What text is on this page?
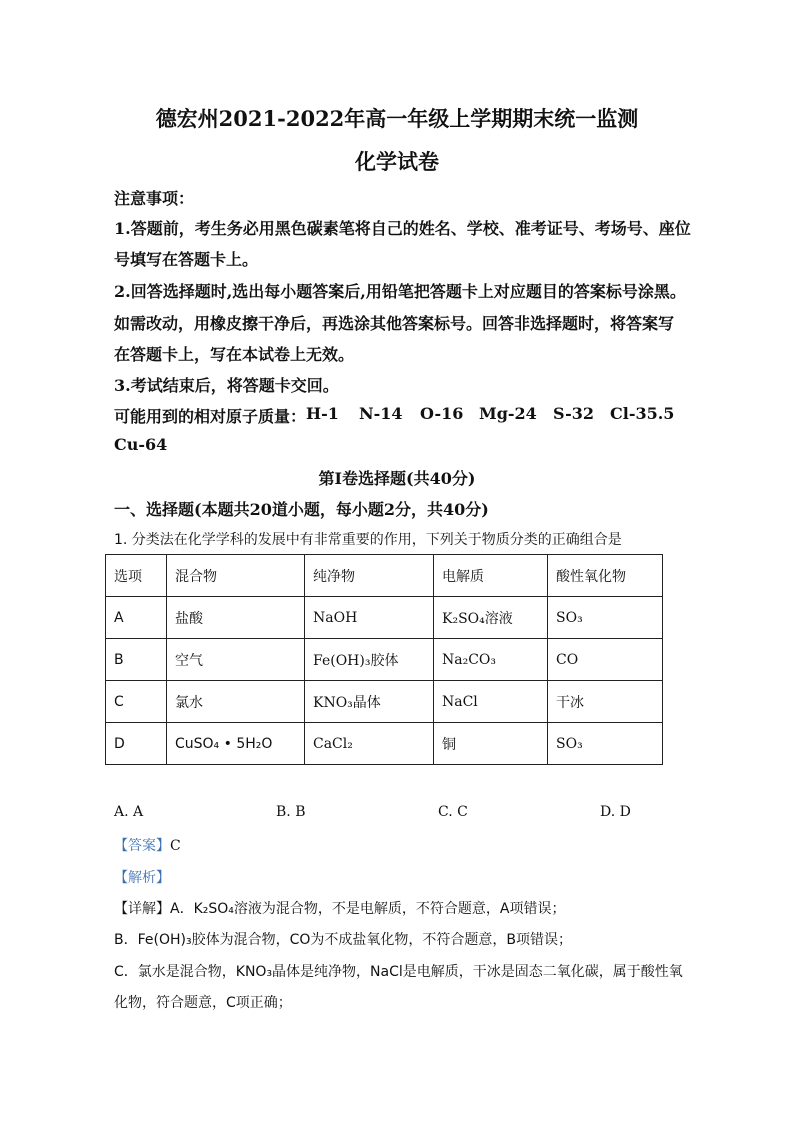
德宏州2021-2022年高一年级上学期期末统一监测
化学试卷
注意事项：
1.答题前，考生务必用黑色碳素笔将自己的姓名、学校、准考证号、考场号、座位
号填写在答题卡上。
2.回答选择题时,选出每小题答案后,用铅笔把答题卡上对应题目的答案标号涂黑。
如需改动，用橡皮擦干净后，再选涂其他答案标号。回答非选择题时，将答案写
在答题卡上，写在本试卷上无效。
3.考试结束后，将答题卡交回。
可能用到的相对原子质量： H-1 N-14 O-16 Mg-24 S-32 Cl-35.5
Cu-64
第Ⅰ卷选择题(共40分)
一、选择题(本题共20道小题，每小题2分，共40分)
1. 分类法在化学学科的发展中有非常重要的作用，下列关于物质分类的正确组合是
选项	混合物	纯净物	电解质	酸性氧化物
A	盐酸	NaOH	K₂SO₄溶液	SO₃
B	空气	Fe(OH)₃胶体	Na₂CO₃	CO
C	氯水	KNO₃晶体	NaCl	干冰
D	CuSO₄ • 5H₂O	CaCl₂	铜	SO₃
A. A	B. B	C. C	D. D
【答案】C
【解析】
【详解】A．K₂SO₄溶液为混合物，不是电解质，不符合题意，A项错误；
B．Fe(OH)₃胶体为混合物，CO为不成盐氧化物，不符合题意，B项错误；
C．氯水是混合物，KNO₃晶体是纯净物，NaCl是电解质，干冰是固态二氧化碳，属于酸性氧
化物，符合题意，C项正确；
